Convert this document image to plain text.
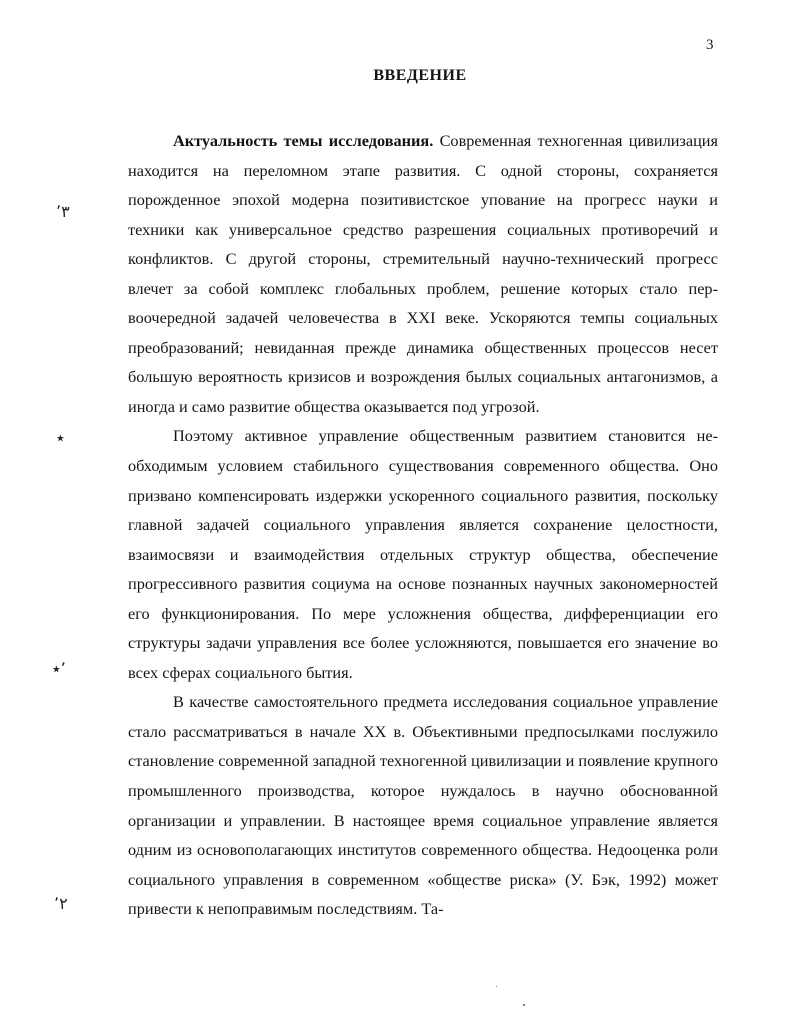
3
ВВЕДЕНИЕ

Актуальность темы исследования. Современная техногенная цивилизация находится на переломном этапе развития. С одной стороны, сохраняется порожденное эпохой модерна позитивистское упование на прогресс науки и техники как универсальное средство разрешения социальных противоречий и конфликтов. С другой стороны, стремительный научно-технический прогресс влечет за собой комплекс глобальных проблем, решение которых стало первоочередной задачей человечества в XXI веке. Ускоряются темпы социальных преобразований; невиданная прежде динамика общественных процессов несет большую вероятность кризисов и возрождения былых социальных антагонизмов, а иногда и само развитие общества оказывается под угрозой.

Поэтому активное управление общественным развитием становится необходимым условием стабильного существования современного общества. Оно призвано компенсировать издержки ускоренного социального развития, поскольку главной задачей социального управления является сохранение целостности, взаимосвязи и взаимодействия отдельных структур общества, обеспечение прогрессивного развития социума на основе познанных научных закономерностей его функционирования. По мере усложнения общества, дифференциации его структуры задачи управления все более усложняются, повышается его значение во всех сферах социального бытия.

В качестве самостоятельного предмета исследования социальное управление стало рассматриваться в начале XX в. Объективными предпосылками послужило становление современной западной техногенной цивилизации и появление крупного промышленного производства, которое нуждалось в научно обоснованной организации и управлении. В настоящее время социальное управление является одним из основополагающих институтов современного общества. Недооценка роли социального управления в современном «обществе риска» (У. Бэк, 1992) может привести к непоправимым последствиям. Та-

٬٣
٭
٬٭
٬٢
